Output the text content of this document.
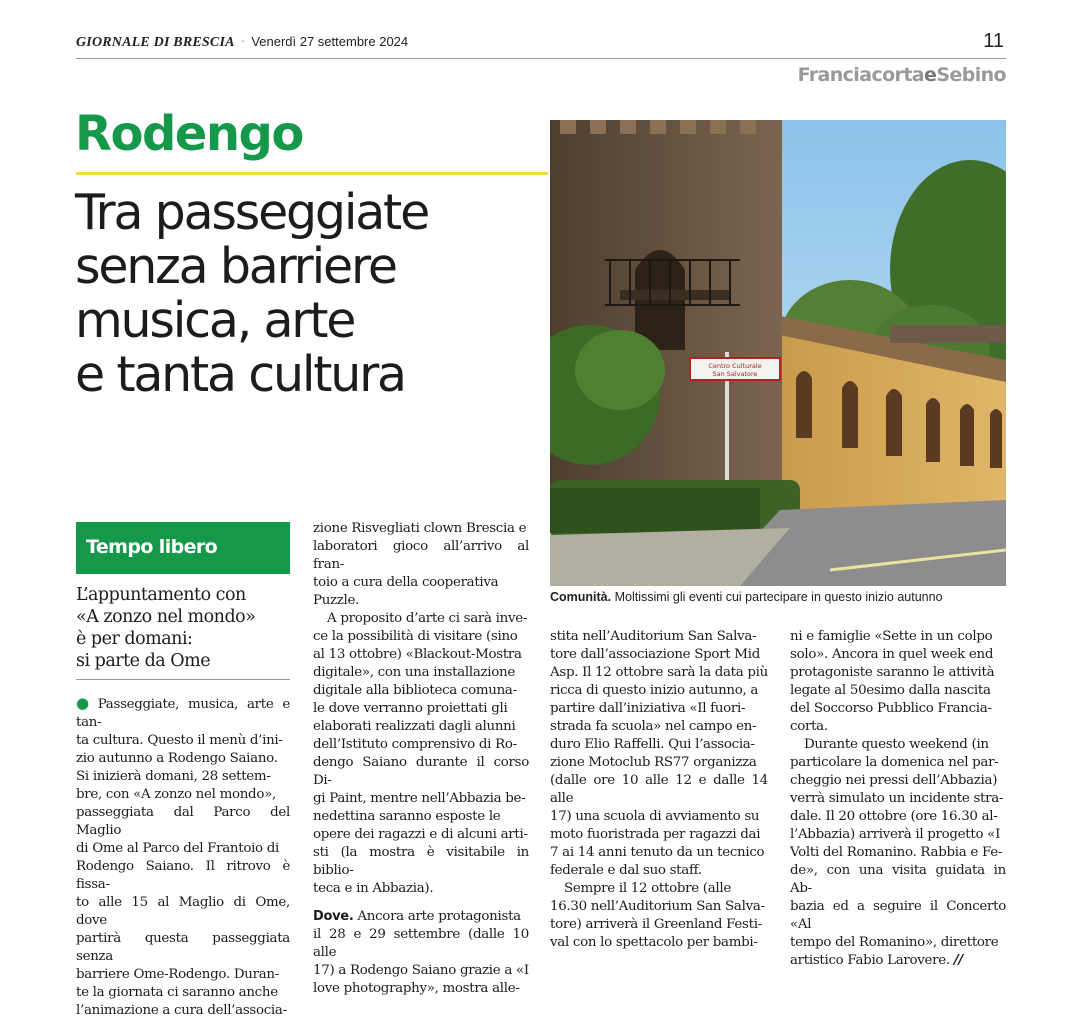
GIORNALE DI BRESCIA · Venerdì 27 settembre 2024	11
FranciacortaeSebino
Rodengo
Tra passeggiate
senza barriere
musica, arte
e tanta cultura	Centro Culturale
San Salvatore
Comunità. Moltissimi gli eventi cui partecipare in questo inizio autunno
Tempo libero
L’appuntamento con
«A zonzo nel mondo»
è per domani:
si parte da Ome
● Passeggiate, musica, arte e tan-
ta cultura. Questo il menù d’ini-
zio autunno a Rodengo Saiano.
Si inizierà domani, 28 settem-
bre, con «A zonzo nel mondo»,
passeggiata dal Parco del Maglio
di Ome al Parco del Frantoio di
Rodengo Saiano. Il ritrovo è fissa-
to alle 15 al Maglio di Ome, dove
partirà questa passeggiata senza
barriere Ome-Rodengo. Duran-
te la giornata ci saranno anche
l’animazione a cura dell’associa-
zione Risvegliati clown Brescia e
laboratori gioco all’arrivo al fran-
toio a cura della cooperativa
Puzzle.
A proposito d’arte ci sarà inve-
ce la possibilità di visitare (sino
al 13 ottobre) «Blackout-Mostra
digitale», con una installazione
digitale alla biblioteca comuna-
le dove verranno proiettati gli
elaborati realizzati dagli alunni
dell’Istituto comprensivo di Ro-
dengo Saiano durante il corso Di-
gi Paint, mentre nell’Abbazia be-
nedettina saranno esposte le
opere dei ragazzi e di alcuni arti-
sti (la mostra è visitabile in biblio-
teca e in Abbazia).
Dove. Ancora arte protagonista
il 28 e 29 settembre (dalle 10 alle
17) a Rodengo Saiano grazie a «I
love photography», mostra alle-
stita nell’Auditorium San Salva-
tore dall’associazione Sport Mid
Asp. Il 12 ottobre sarà la data più
ricca di questo inizio autunno, a
partire dall’iniziativa «Il fuori-
strada fa scuola» nel campo en-
duro Elio Raffelli. Qui l’associa-
zione Motoclub RS77 organizza
(dalle ore 10 alle 12 e dalle 14 alle
17) una scuola di avviamento su
moto fuoristrada per ragazzi dai
7 ai 14 anni tenuto da un tecnico
federale e dal suo staff.
Sempre il 12 ottobre (alle
16.30 nell’Auditorium San Salva-
tore) arriverà il Greenland Festi-
val con lo spettacolo per bambi-
ni e famiglie «Sette in un colpo
solo». Ancora in quel week end
protagoniste saranno le attività
legate al 50esimo dalla nascita
del Soccorso Pubblico Francia-
corta.
Durante questo weekend (in
particolare la domenica nel par-
cheggio nei pressi dell’Abbazia)
verrà simulato un incidente stra-
dale. Il 20 ottobre (ore 16.30 al-
l’Abbazia) arriverà il progetto «I
Volti del Romanino. Rabbia e Fe-
de», con una visita guidata in Ab-
bazia ed a seguire il Concerto «Al
tempo del Romanino», direttore
artistico Fabio Larovere. //
